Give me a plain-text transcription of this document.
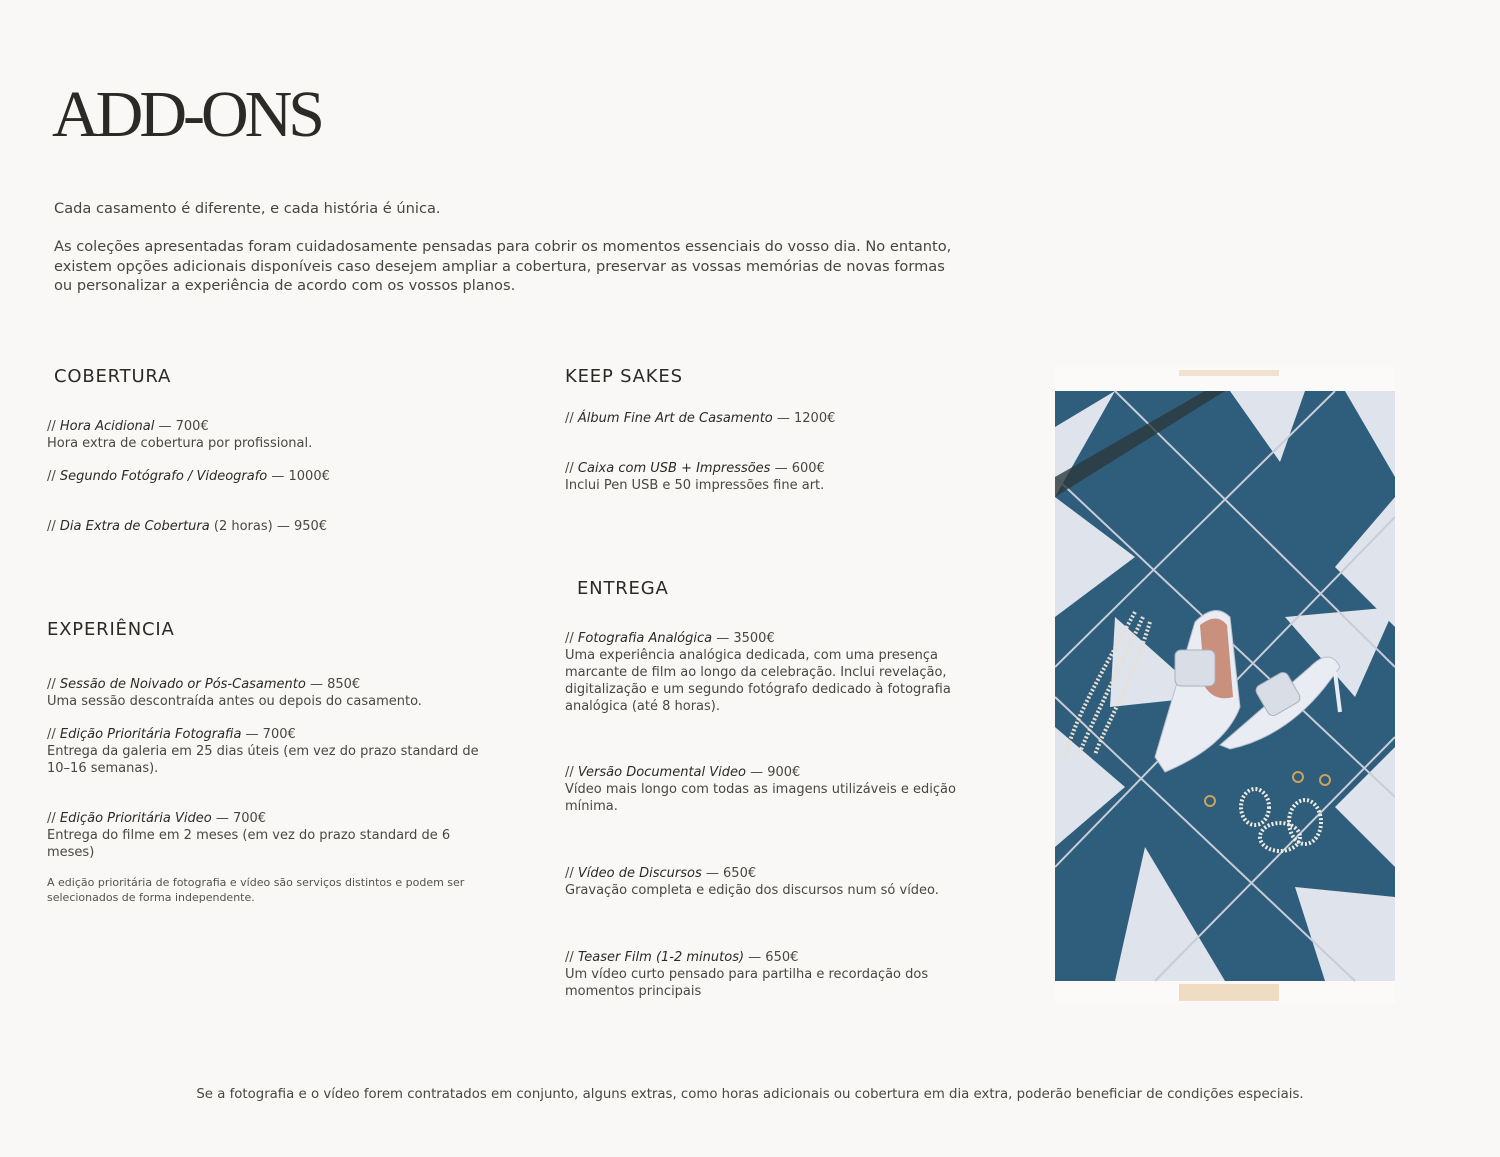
ADD-ONS

Cada casamento é diferente, e cada história é única.

As coleções apresentadas foram cuidadosamente pensadas para cobrir os momentos essenciais do vosso dia. No entanto, existem opções adicionais disponíveis caso desejem ampliar a cobertura, preservar as vossas memórias de novas formas ou personalizar a experiência de acordo com os vossos planos.

COBERTURA
// Hora Acidional — 700€
Hora extra de cobertura por profissional.
// Segundo Fotógrafo / Videografo — 1000€
// Dia Extra de Cobertura (2 horas) — 950€
EXPERIÊNCIA
// Sessão de Noivado or Pós-Casamento — 850€
Uma sessão descontraída antes ou depois do casamento.
// Edição Prioritária Fotografia — 700€
Entrega da galeria em 25 dias úteis (em vez do prazo standard de 10–16 semanas).
// Edição Prioritária Video — 700€
Entrega do filme em 2 meses (em vez do prazo standard de 6 meses)
A edição prioritária de fotografia e vídeo são serviços distintos e podem ser selecionados de forma independente.
KEEP SAKES
// Álbum Fine Art de Casamento — 1200€
// Caixa com USB + Impressões — 600€
Inclui Pen USB e 50 impressões fine art.
ENTREGA
// Fotografia Analógica — 3500€
Uma experiência analógica dedicada, com uma presença marcante de film ao longo da celebração. Inclui revelação, digitalização e um segundo fotógrafo dedicado à fotografia analógica (até 8 horas).
// Versão Documental Video — 900€
Vídeo mais longo com todas as imagens utilizáveis e edição mínima.
// Vídeo de Discursos — 650€
Gravação completa e edição dos discursos num só vídeo.
// Teaser Film (1-2 minutos) — 650€
Um vídeo curto pensado para partilha e recordação dos momentos principais
Se a fotografia e o vídeo forem contratados em conjunto, alguns extras, como horas adicionais ou cobertura em dia extra, poderão beneficiar de condições especiais.
